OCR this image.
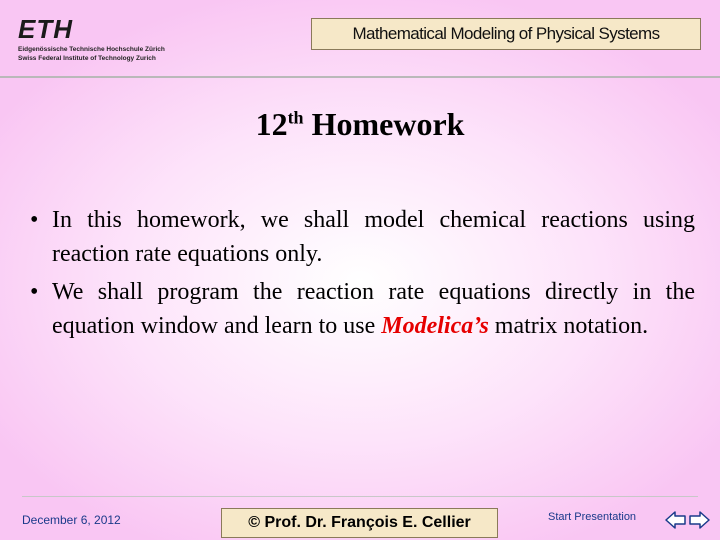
ETH
Eidgenössische Technische Hochschule Zürich
Swiss Federal Institute of Technology Zurich
Mathematical Modeling of Physical Systems
12th Homework
• In this homework, we shall model chemical reactions using reaction rate equations only.
• We shall program the reaction rate equations directly in the equation window and learn to use Modelica’s matrix notation.
December 6, 2012	© Prof. Dr. François E. Cellier	Start Presentation
